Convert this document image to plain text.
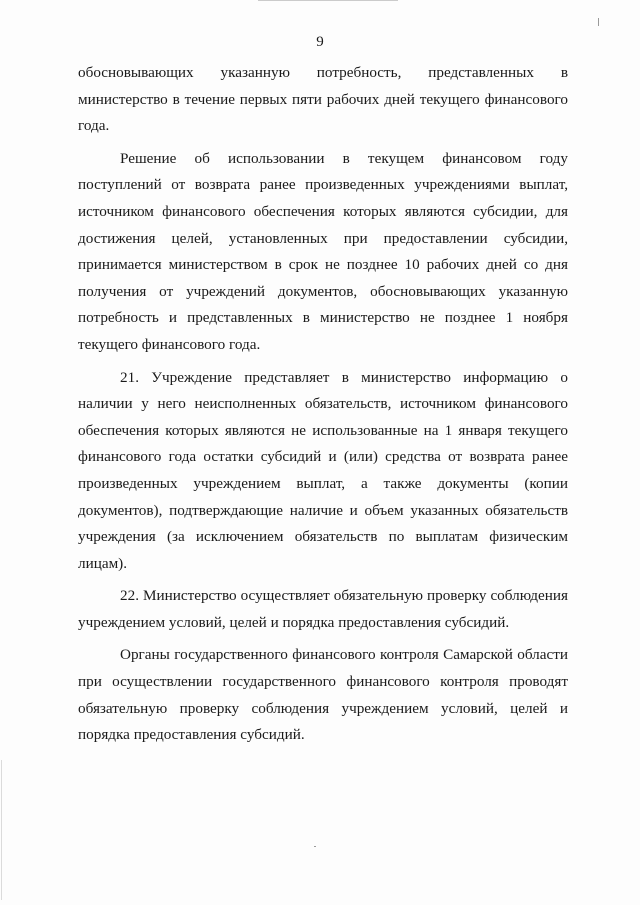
9

обосновывающих указанную потребность, представленных в министерство в течение первых пяти рабочих дней текущего финансового года.

Решение об использовании в текущем финансовом году поступлений от возврата ранее произведенных учреждениями выплат, источником финансового обеспечения которых являются субсидии, для достижения целей, установленных при предоставлении субсидии, принимается министерством в срок не позднее 10 рабочих дней со дня получения от учреждений документов, обосновывающих указанную потребность и представленных в министерство не позднее 1 ноября текущего финансового года.

21. Учреждение представляет в министерство информацию о наличии у него неисполненных обязательств, источником финансового обеспечения которых являются не использованные на 1 января текущего финансового года остатки субсидий и (или) средства от возврата ранее произведенных учреждением выплат, а также документы (копии документов), подтверждающие наличие и объем указанных обязательств учреждения (за исключением обязательств по выплатам физическим лицам).

22. Министерство осуществляет обязательную проверку соблюдения учреждением условий, целей и порядка предоставления субсидий.

Органы государственного финансового контроля Самарской области при осуществлении государственного финансового контроля проводят обязательную проверку соблюдения учреждением условий, целей и порядка предоставления субсидий.
